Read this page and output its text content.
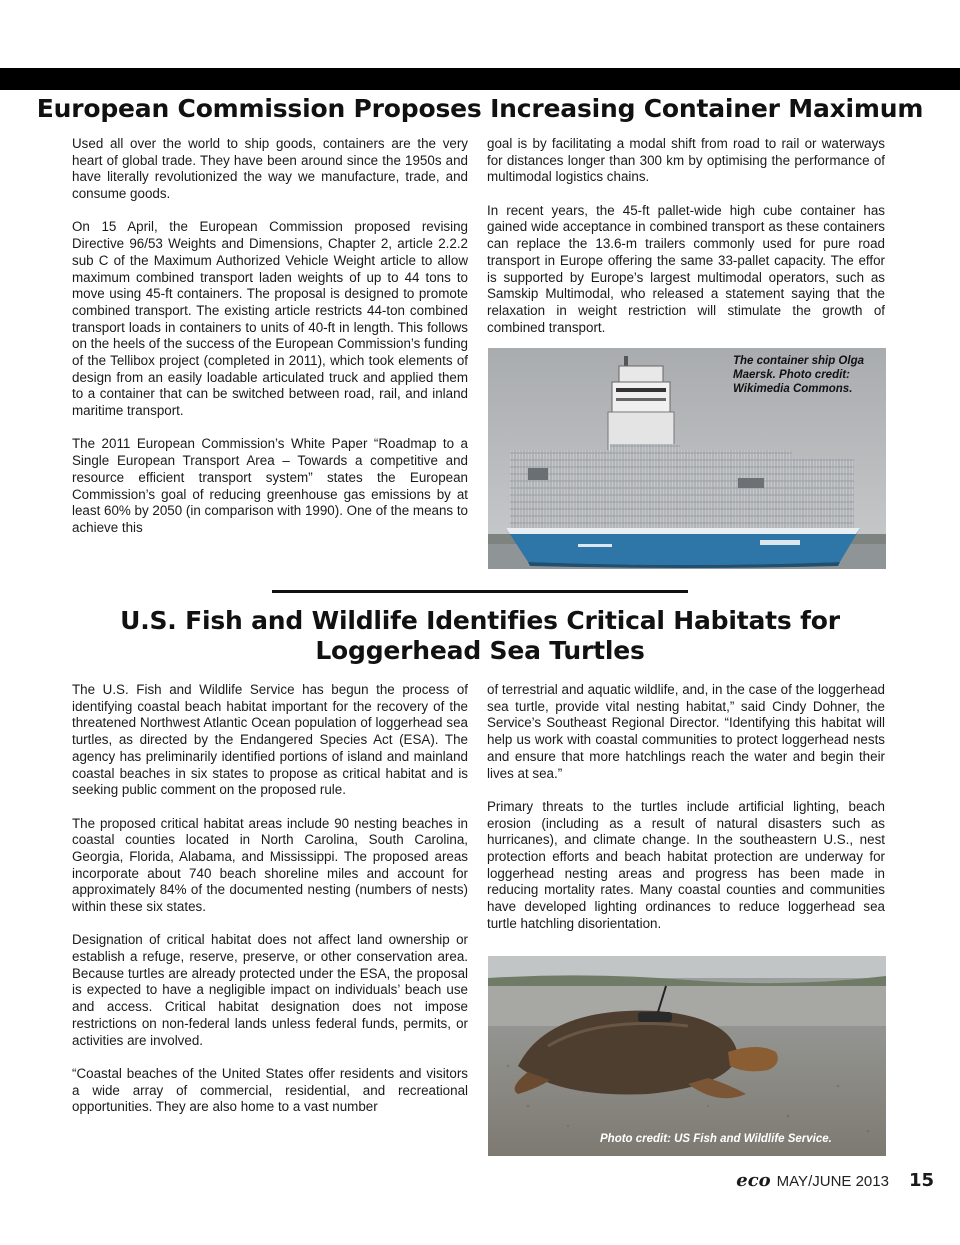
European Commission Proposes Increasing Container Maximum

Used all over the world to ship goods, containers are the very heart of global trade. They have been around since the 1950s and have literally revolutionized the way we manufacture, trade, and consume goods.

On 15 April, the European Commission proposed revising Directive 96/53 Weights and Dimensions, Chapter 2, article 2.2.2 sub C of the Maximum Authorized Vehicle Weight article to allow maximum combined transport laden weights of up to 44 tons to move using 45-ft containers. The proposal is designed to promote combined transport. The existing article restricts 44-ton combined transport loads in containers to units of 40-ft in length. This follows on the heels of the success of the European Commission’s funding of the Tellibox project (completed in 2011), which took elements of design from an easily loadable articulated truck and applied them to a container that can be switched between road, rail, and inland maritime transport.

The 2011 European Commission’s White Paper “Roadmap to a Single European Transport Area – Towards a competitive and resource efficient transport system” states the European Commission’s goal of reducing greenhouse gas emissions by at least 60% by 2050 (in comparison with 1990). One of the means to achieve this

goal is by facilitating a modal shift from road to rail or waterways for distances longer than 300 km by optimising the performance of multimodal logistics chains.

In recent years, the 45-ft pallet-wide high cube container has gained wide acceptance in combined transport as these containers can replace the 13.6-m trailers commonly used for pure road transport in Europe offering the same 33-pallet capacity. The effor is supported by Europe’s largest multimodal operators, such as Samskip Multimodal, who released a statement saying that the relaxation in weight restriction will stimulate the growth of combined transport.

The container ship Olga Maersk. Photo credit: Wikimedia Commons.
U.S. Fish and Wildlife Identifies Critical Habitats for
Loggerhead Sea Turtles

The U.S. Fish and Wildlife Service has begun the process of identifying coastal beach habitat important for the recovery of the threatened Northwest Atlantic Ocean population of loggerhead sea turtles, as directed by the Endangered Species Act (ESA). The agency has preliminarily identified portions of island and mainland coastal beaches in six states to propose as critical habitat and is seeking public comment on the proposed rule.

The proposed critical habitat areas include 90 nesting beaches in coastal counties located in North Carolina, South Carolina, Georgia, Florida, Alabama, and Mississippi. The proposed areas incorporate about 740 beach shoreline miles and account for approximately 84% of the documented nesting (numbers of nests) within these six states.

Designation of critical habitat does not affect land ownership or establish a refuge, reserve, preserve, or other conservation area. Because turtles are already protected under the ESA, the proposal is expected to have a negligible impact on individuals’ beach use and access. Critical habitat designation does not impose restrictions on non-federal lands unless federal funds, permits, or activities are involved.

“Coastal beaches of the United States offer residents and visitors a wide array of commercial, residential, and recreational opportunities. They are also home to a vast number

of terrestrial and aquatic wildlife, and, in the case of the loggerhead sea turtle, provide vital nesting habitat,” said Cindy Dohner, the Service’s Southeast Regional Director. “Identifying this habitat will help us work with coastal communities to protect loggerhead nests and ensure that more hatchlings reach the water and begin their lives at sea.”

Primary threats to the turtles include artificial lighting, beach erosion (including as a result of natural disasters such as hurricanes), and climate change. In the southeastern U.S., nest protection efforts and beach habitat protection are underway for loggerhead nesting areas and progress has been made in reducing mortality rates. Many coastal counties and communities have developed lighting ordinances to reduce loggerhead sea turtle hatchling disorientation.

Photo credit: US Fish and Wildlife Service.
eco MAY/JUNE 2013 15
